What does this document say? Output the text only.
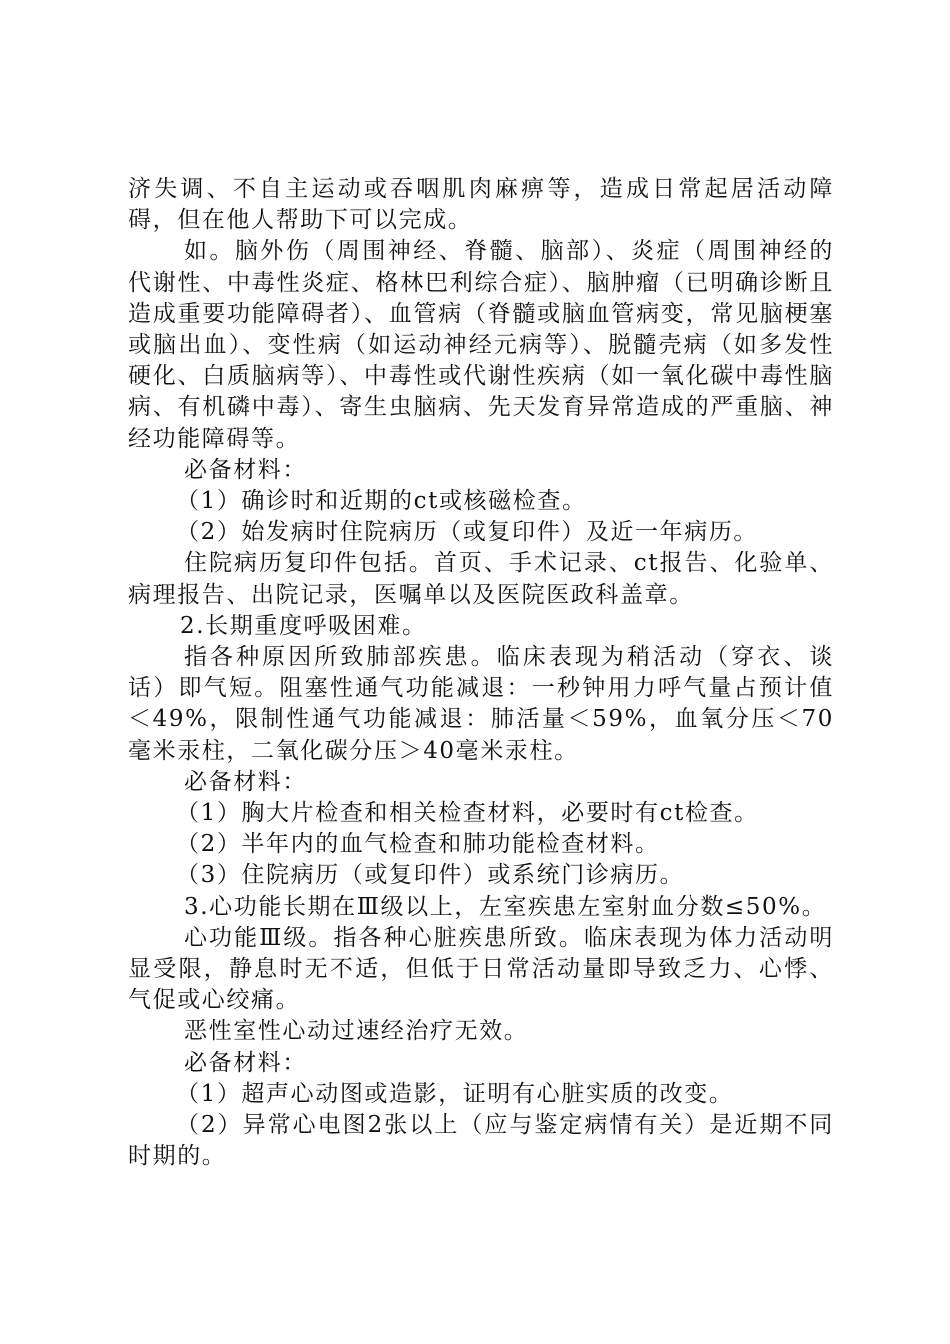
济失调、不自主运动或吞咽肌肉麻痹等，造成日常起居活动障碍，但在他人帮助下可以完成。

如。脑外伤（周围神经、脊髓、脑部）、炎症（周围神经的代谢性、中毒性炎症、格林巴利综合症）、脑肿瘤（已明确诊断且造成重要功能障碍者）、血管病（脊髓或脑血管病变，常见脑梗塞或脑出血）、变性病（如运动神经元病等）、脱髓壳病（如多发性硬化、白质脑病等）、中毒性或代谢性疾病（如一氧化碳中毒性脑病、有机磷中毒）、寄生虫脑病、先天发育异常造成的严重脑、神经功能障碍等。

必备材料：

（1）确诊时和近期的ct或核磁检查。

（2）始发病时住院病历（或复印件）及近一年病历。

住院病历复印件包括。首页、手术记录、ct报告、化验单、病理报告、出院记录，医嘱单以及医院医政科盖章。

2.长期重度呼吸困难。

指各种原因所致肺部疾患。临床表现为稍活动（穿衣、谈话）即气短。阻塞性通气功能减退：一秒钟用力呼气量占预计值＜49%，限制性通气功能减退：肺活量＜59%，血氧分压＜70毫米汞柱，二氧化碳分压＞40毫米汞柱。

必备材料：

（1）胸大片检查和相关检查材料，必要时有ct检查。

（2）半年内的血气检查和肺功能检查材料。

（3）住院病历（或复印件）或系统门诊病历。

3.心功能长期在Ⅲ级以上，左室疾患左室射血分数≤50%。

心功能Ⅲ级。指各种心脏疾患所致。临床表现为体力活动明显受限，静息时无不适，但低于日常活动量即导致乏力、心悸、气促或心绞痛。

恶性室性心动过速经治疗无效。

必备材料：

（1）超声心动图或造影，证明有心脏实质的改变。

（2）异常心电图2张以上（应与鉴定病情有关）是近期不同时期的。
